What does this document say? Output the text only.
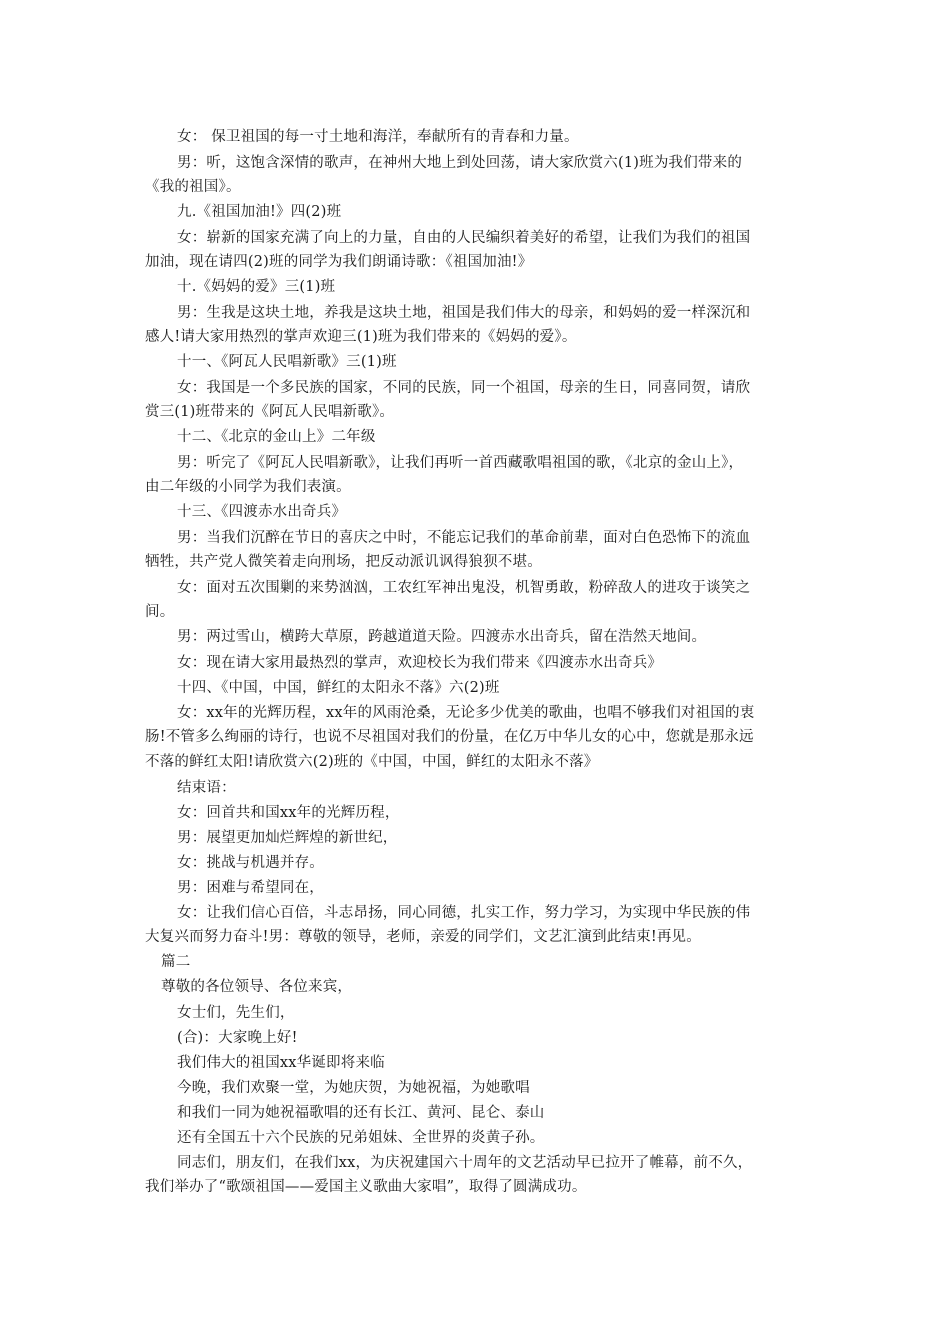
女： 保卫祖国的每一寸土地和海洋，奉献所有的青春和力量。
男：听，这饱含深情的歌声，在神州大地上到处回荡，请大家欣赏六(1)班为我们带来的
《我的祖国》。
九.《祖国加油!》四(2)班
女：崭新的国家充满了向上的力量，自由的人民编织着美好的希望，让我们为我们的祖国
加油，现在请四(2)班的同学为我们朗诵诗歌：《祖国加油!》
十.《妈妈的爱》三(1)班
男：生我是这块土地，养我是这块土地，祖国是我们伟大的母亲，和妈妈的爱一样深沉和
感人!请大家用热烈的掌声欢迎三(1)班为我们带来的《妈妈的爱》。
十一、《阿瓦人民唱新歌》三(1)班
女：我国是一个多民族的国家，不同的民族，同一个祖国，母亲的生日，同喜同贺，请欣
赏三(1)班带来的《阿瓦人民唱新歌》。
十二、《北京的金山上》二年级
男：听完了《阿瓦人民唱新歌》，让我们再听一首西藏歌唱祖国的歌，《北京的金山上》，
由二年级的小同学为我们表演。
十三、《四渡赤水出奇兵》
男：当我们沉醉在节日的喜庆之中时，不能忘记我们的革命前辈，面对白色恐怖下的流血
牺牲，共产党人微笑着走向刑场，把反动派讥讽得狼狈不堪。
女：面对五次围剿的来势汹汹，工农红军神出鬼没，机智勇敢，粉碎敌人的进攻于谈笑之
间。
男：两过雪山，横跨大草原，跨越道道天险。四渡赤水出奇兵，留在浩然天地间。
女：现在请大家用最热烈的掌声，欢迎校长为我们带来《四渡赤水出奇兵》
十四、《中国，中国，鲜红的太阳永不落》六(2)班
女：xx年的光辉历程，xx年的风雨沧桑，无论多少优美的歌曲，也唱不够我们对祖国的衷
肠!不管多么绚丽的诗行，也说不尽祖国对我们的份量，在亿万中华儿女的心中，您就是那永远
不落的鲜红太阳!请欣赏六(2)班的《中国，中国，鲜红的太阳永不落》
结束语：
女：回首共和国xx年的光辉历程，
男：展望更加灿烂辉煌的新世纪，
女：挑战与机遇并存。
男：困难与希望同在，
女：让我们信心百倍，斗志昂扬，同心同德，扎实工作，努力学习，为实现中华民族的伟
大复兴而努力奋斗!男：尊敬的领导，老师，亲爱的同学们，文艺汇演到此结束!再见。
篇二
尊敬的各位领导、各位来宾，
女士们，先生们，
(合)：大家晚上好!
我们伟大的祖国xx华诞即将来临
今晚，我们欢聚一堂，为她庆贺，为她祝福，为她歌唱
和我们一同为她祝福歌唱的还有长江、黄河、昆仑、泰山
还有全国五十六个民族的兄弟姐妹、全世界的炎黄子孙。
同志们，朋友们，在我们xx，为庆祝建国六十周年的文艺活动早已拉开了帷幕，前不久，
我们举办了“歌颂祖国——爱国主义歌曲大家唱”，取得了圆满成功。
